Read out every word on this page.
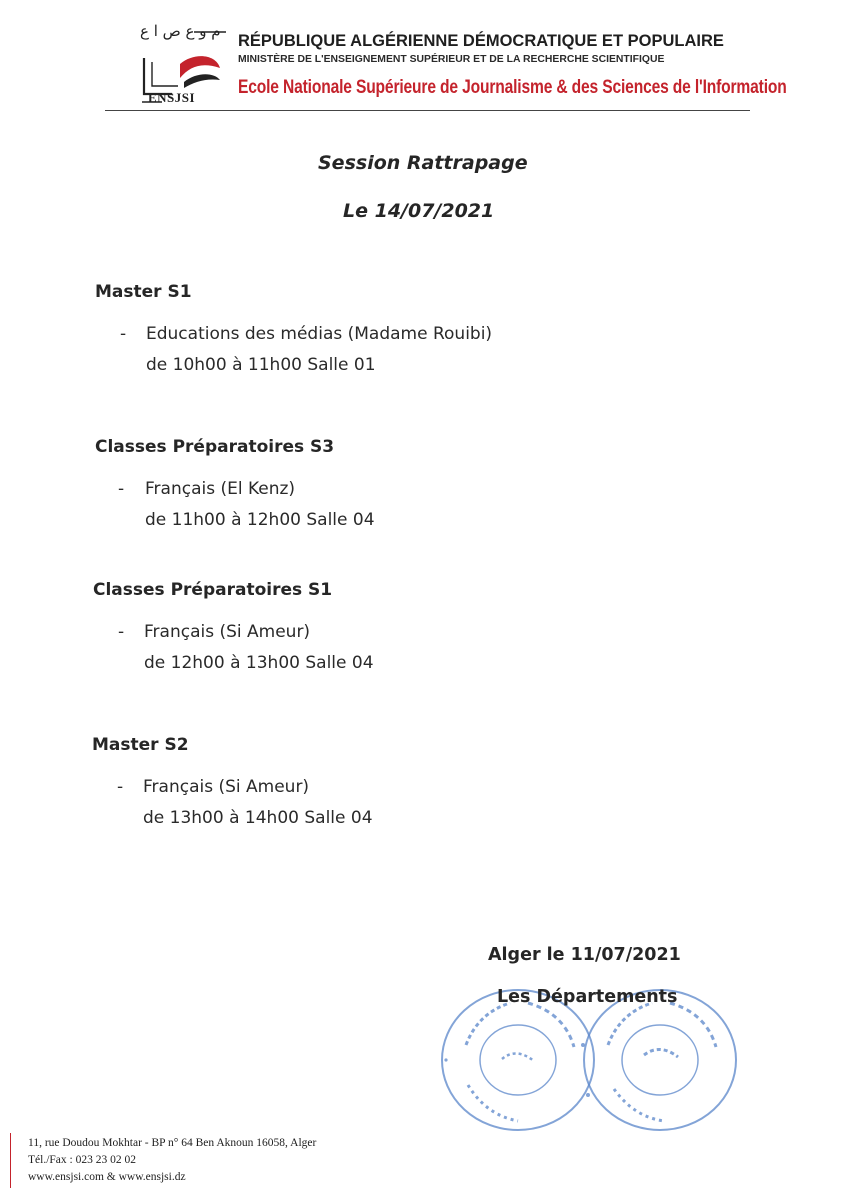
م و ع ص ا ع
ENSJSI
RÉPUBLIQUE ALGÉRIENNE DÉMOCRATIQUE ET POPULAIRE
MINISTÈRE DE L'ENSEIGNEMENT SUPÉRIEUR ET DE LA RECHERCHE SCIENTIFIQUE
Ecole Nationale Supérieure de Journalisme & des Sciences de l'Information
Session Rattrapage
Le 14/07/2021
Master S1
- Educations des médias (Madame Rouibi)
de 10h00 à 11h00 Salle 01
Classes Préparatoires S3
- Français (El Kenz)
de 11h00 à 12h00 Salle 04
Classes Préparatoires S1
- Français (Si Ameur)
de 12h00 à 13h00 Salle 04
Master S2
- Français (Si Ameur)
de 13h00 à 14h00 Salle 04
Alger le 11/07/2021
Les Départements
11, rue Doudou Mokhtar - BP n° 64 Ben Aknoun 16058, Alger
Tél./Fax : 023 23 02 02
www.ensjsi.com & www.ensjsi.dz
